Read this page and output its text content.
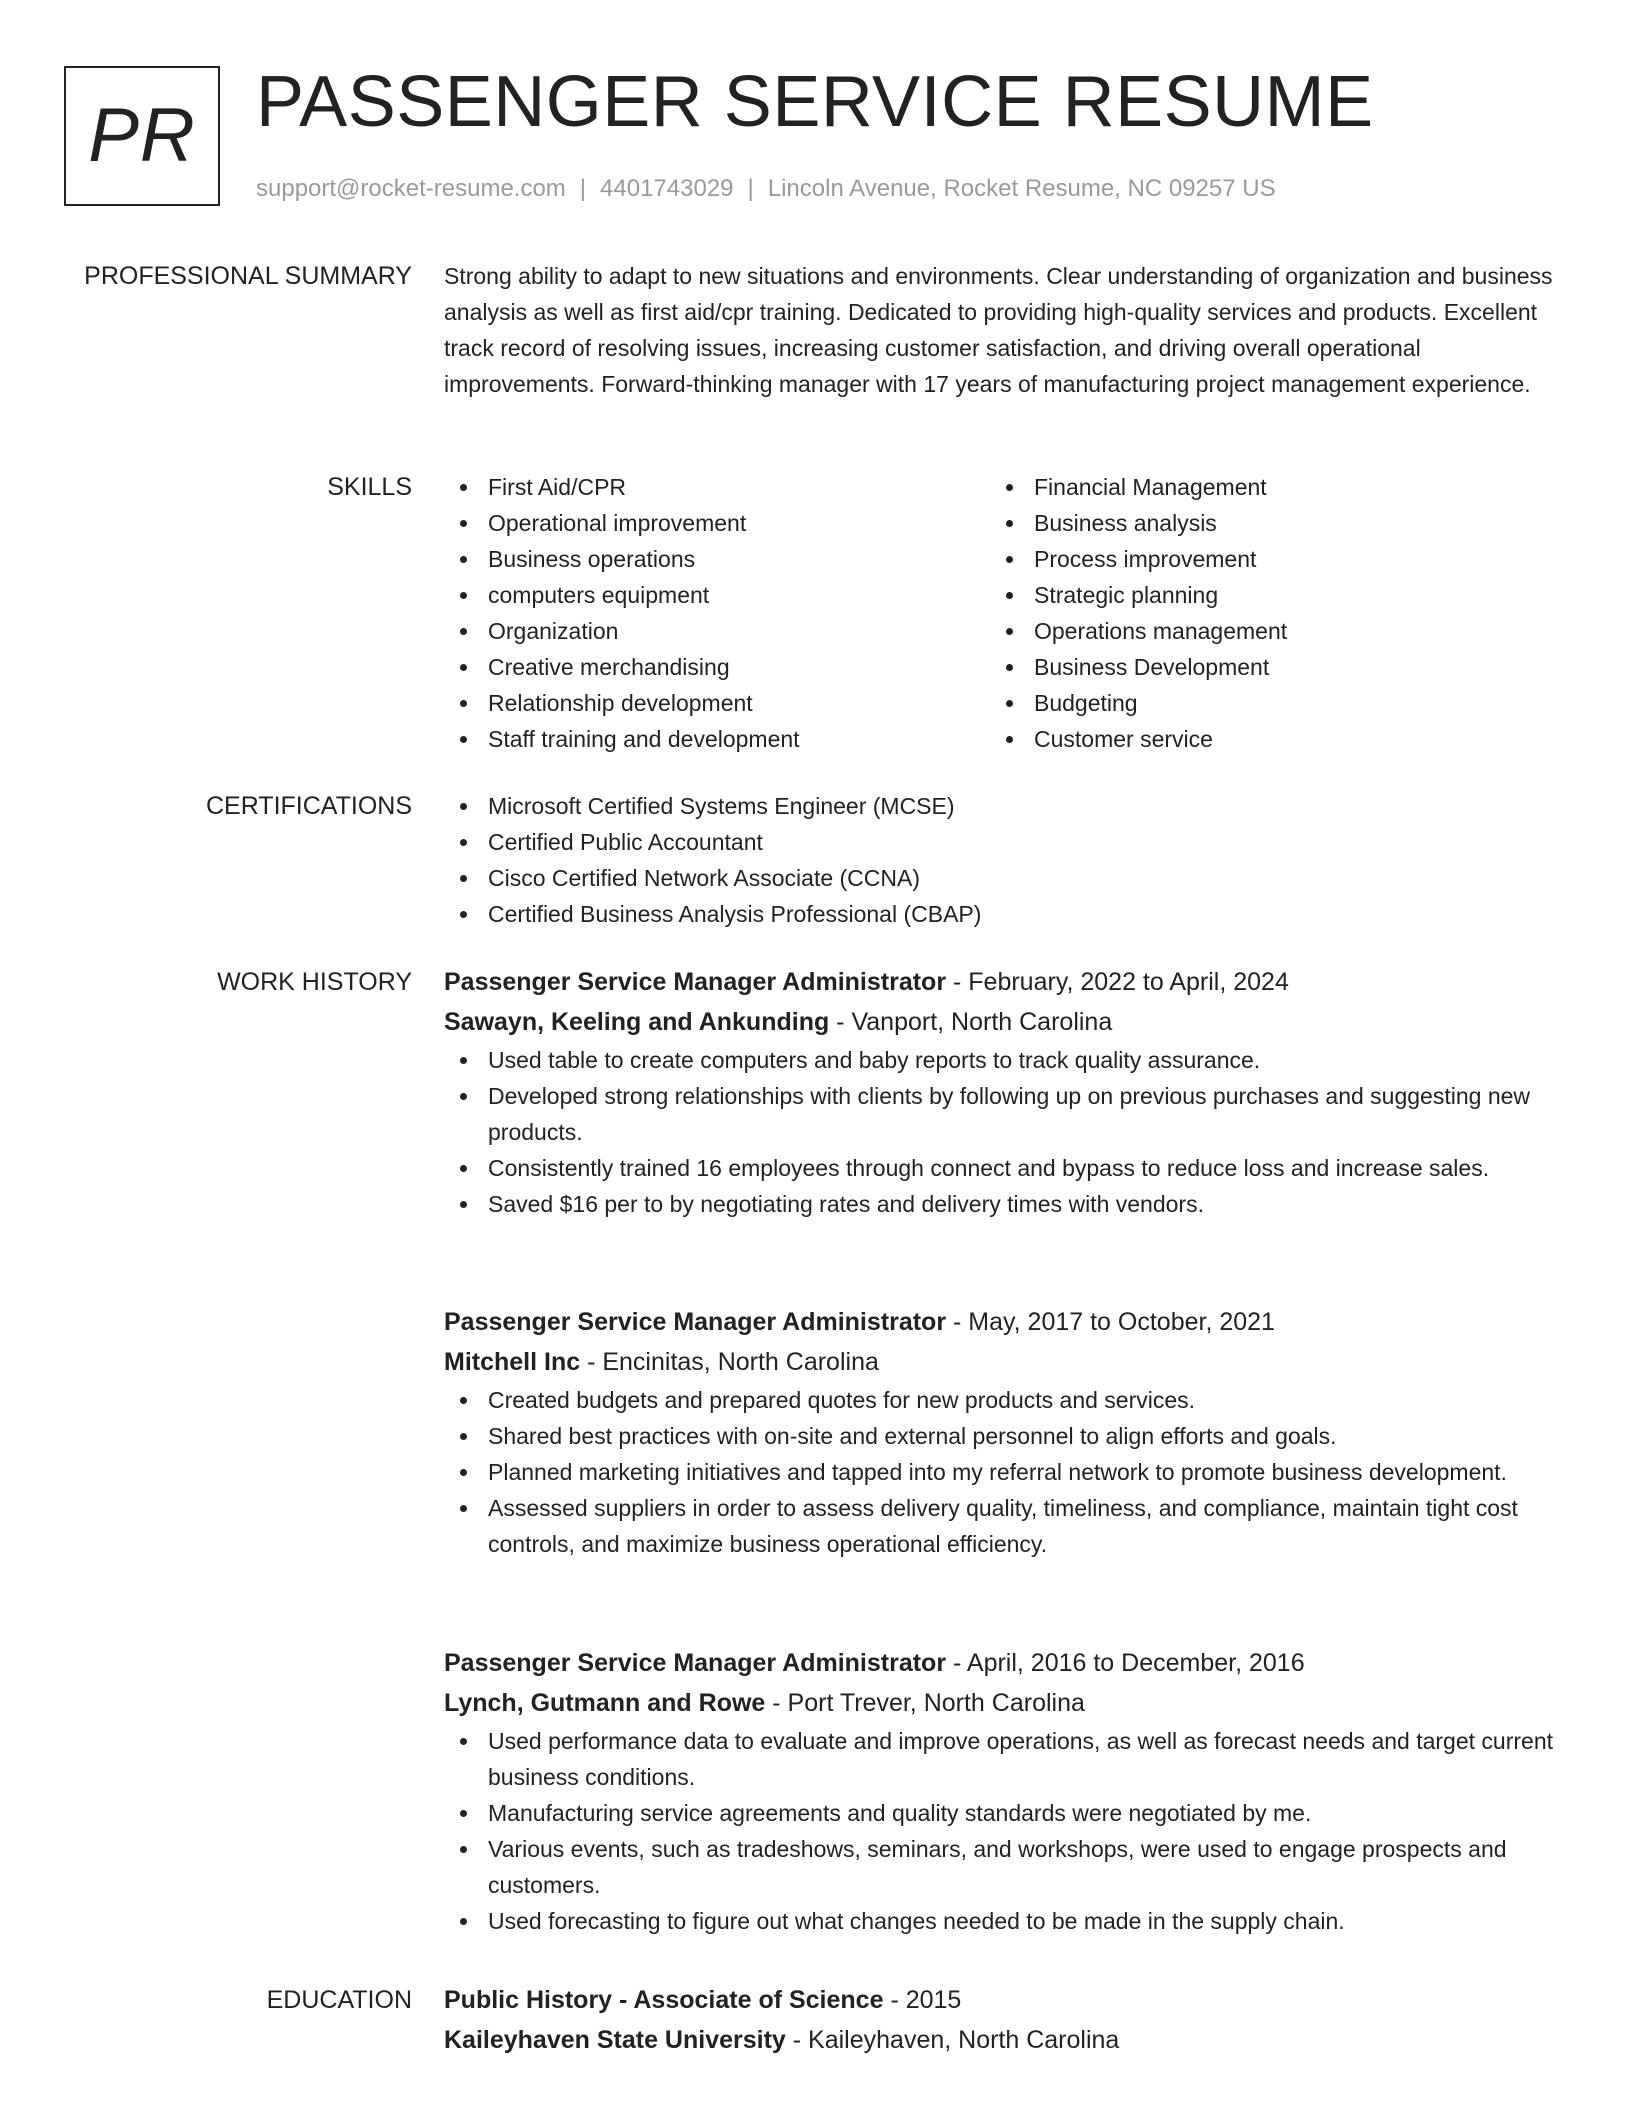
PR PASSENGER SERVICE RESUME
support@rocket-resume.com | 4401743029 | Lincoln Avenue, Rocket Resume, NC 09257 US
PROFESSIONAL SUMMARY Strong ability to adapt to new situations and environments. Clear understanding of organization and business analysis as well as first aid/cpr training. Dedicated to providing high-quality services and products. Excellent track record of resolving issues, increasing customer satisfaction, and driving overall operational improvements. Forward-thinking manager with 17 years of manufacturing project management experience.

SKILLS	First Aid/CPR
Operational improvement
Business operations
computers equipment
Organization
Creative merchandising
Relationship development
Staff training and development
Financial Management
Business analysis
Process improvement
Strategic planning
Operations management
Business Development
Budgeting
Customer service
CERTIFICATIONS	Microsoft Certified Systems Engineer (MCSE)
Certified Public Accountant
Cisco Certified Network Associate (CCNA)
Certified Business Analysis Professional (CBAP)
WORK HISTORY Passenger Service Manager Administrator - February, 2022 to April, 2024
Sawayn, Keeling and Ankunding - Vanport, North Carolina
Used table to create computers and baby reports to track quality assurance.
Developed strong relationships with clients by following up on previous purchases and suggesting new products.
Consistently trained 16 employees through connect and bypass to reduce loss and increase sales.
Saved $16 per to by negotiating rates and delivery times with vendors.
Passenger Service Manager Administrator - May, 2017 to October, 2021
Mitchell Inc - Encinitas, North Carolina
Created budgets and prepared quotes for new products and services.
Shared best practices with on-site and external personnel to align efforts and goals.
Planned marketing initiatives and tapped into my referral network to promote business development.
Assessed suppliers in order to assess delivery quality, timeliness, and compliance, maintain tight cost controls, and maximize business operational efficiency.
Passenger Service Manager Administrator - April, 2016 to December, 2016
Lynch, Gutmann and Rowe - Port Trever, North Carolina
Used performance data to evaluate and improve operations, as well as forecast needs and target current business conditions.
Manufacturing service agreements and quality standards were negotiated by me.
Various events, such as tradeshows, seminars, and workshops, were used to engage prospects and customers.
Used forecasting to figure out what changes needed to be made in the supply chain.
EDUCATION Public History - Associate of Science - 2015
Kaileyhaven State University - Kaileyhaven, North Carolina
